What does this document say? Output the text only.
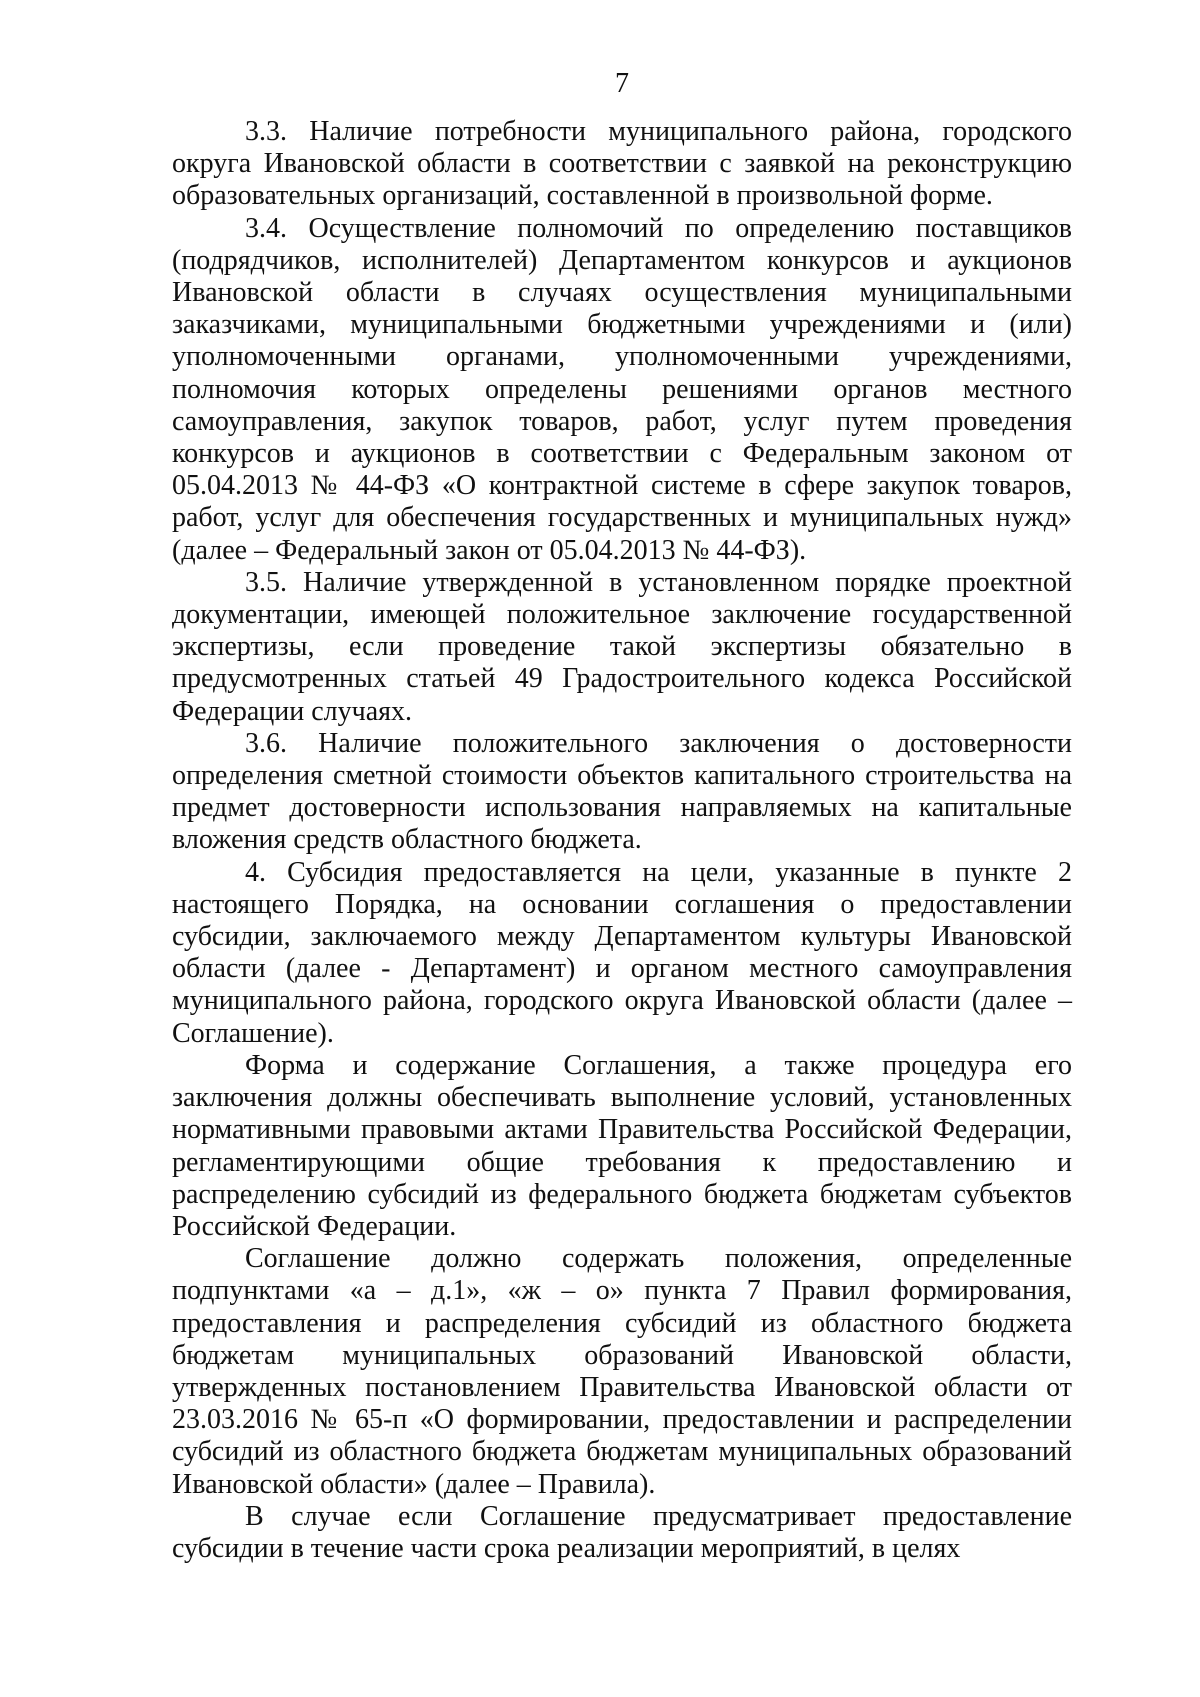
7

3.3. Наличие потребности муниципального района, городского округа Ивановской области в соответствии с заявкой на реконструкцию образовательных организаций, составленной в произвольной форме.

3.4. Осуществление полномочий по определению поставщиков (подрядчиков, исполнителей) Департаментом конкурсов и аукционов Ивановской области в случаях осуществления муниципальными заказчиками, муниципальными бюджетными учреждениями и (или) уполномоченными органами, уполномоченными учреждениями, полномочия которых определены решениями органов местного самоуправления, закупок товаров, работ, услуг путем проведения конкурсов и аукционов в соответствии с Федеральным законом от 05.04.2013 № 44-ФЗ «О контрактной системе в сфере закупок товаров, работ, услуг для обеспечения государственных и муниципальных нужд» (далее – Федеральный закон от 05.04.2013 № 44-ФЗ).

3.5. Наличие утвержденной в установленном порядке проектной документации, имеющей положительное заключение государственной экспертизы, если проведение такой экспертизы обязательно в предусмотренных статьей 49 Градостроительного кодекса Российской Федерации случаях.

3.6. Наличие положительного заключения о достоверности определения сметной стоимости объектов капитального строительства на предмет достоверности использования направляемых на капитальные вложения средств областного бюджета.

4. Субсидия предоставляется на цели, указанные в пункте 2 настоящего Порядка, на основании соглашения о предоставлении субсидии, заключаемого между Департаментом культуры Ивановской области (далее - Департамент) и органом местного самоуправления муниципального района, городского округа Ивановской области (далее – Соглашение).

Форма и содержание Соглашения, а также процедура его заключения должны обеспечивать выполнение условий, установленных нормативными правовыми актами Правительства Российской Федерации, регламентирующими общие требования к предоставлению и распределению субсидий из федерального бюджета бюджетам субъектов Российской Федерации.

Соглашение должно содержать положения, определенные подпунктами «а – д.1», «ж – о» пункта 7 Правил формирования, предоставления и распределения субсидий из областного бюджета бюджетам муниципальных образований Ивановской области, утвержденных постановлением Правительства Ивановской области от 23.03.2016 № 65-п «О формировании, предоставлении и распределении субсидий из областного бюджета бюджетам муниципальных образований Ивановской области» (далее – Правила).

В случае если Соглашение предусматривает предоставление субсидии в течение части срока реализации мероприятий, в целях
